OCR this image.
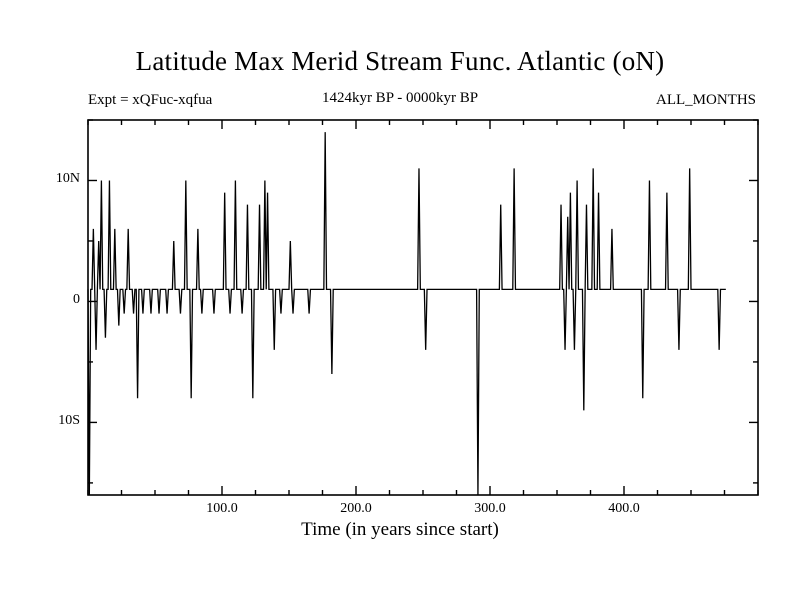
Latitude Max Merid Stream Func. Atlantic (oN)
Expt = xQFuc-xqfua	1424kyr BP - 0000kyr BP	ALL_MONTHS
10N
0
10S
100.0	200.0	300.0	400.0
Time (in years since start)
